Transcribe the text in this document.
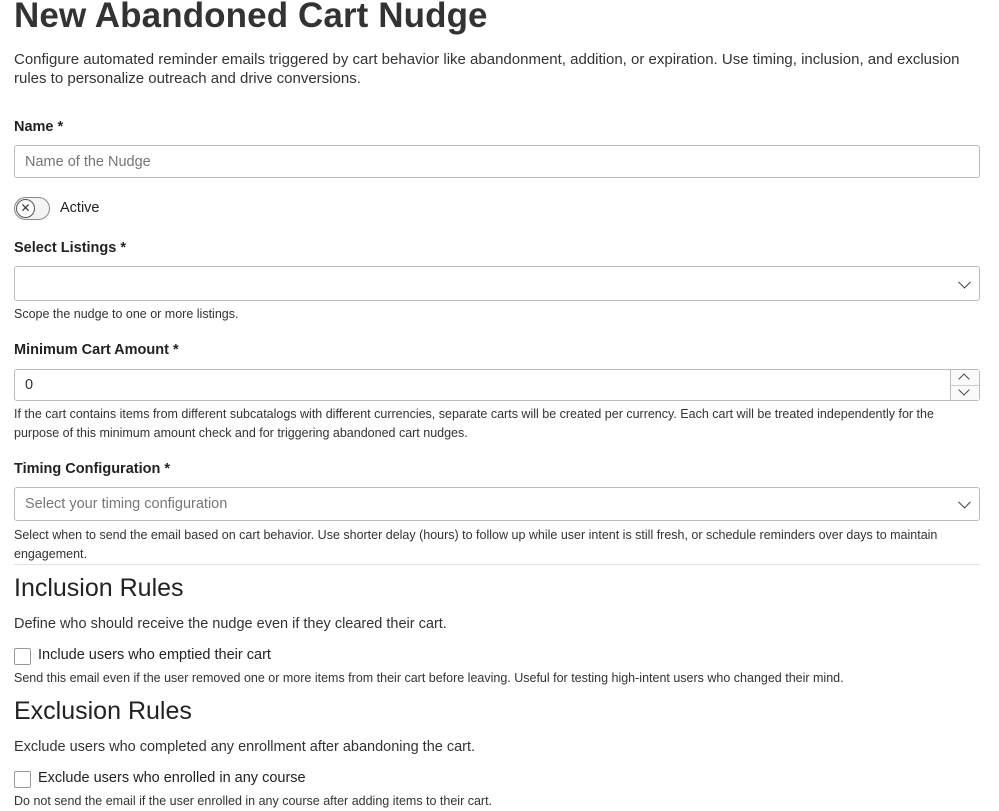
New Abandoned Cart Nudge
Configure automated reminder emails triggered by cart behavior like abandonment, addition, or expiration. Use timing, inclusion, and exclusion rules to personalize outreach and drive conversions.
Name *
Name of the Nudge
✕	Active
Select Listings *
Scope the nudge to one or more listings.
Minimum Cart Amount *
0
If the cart contains items from different subcatalogs with different currencies, separate carts will be created per currency. Each cart will be treated independently for the purpose of this minimum amount check and for triggering abandoned cart nudges.
Timing Configuration *
Select your timing configuration
Select when to send the email based on cart behavior. Use shorter delay (hours) to follow up while user intent is still fresh, or schedule reminders over days to maintain engagement.
Inclusion Rules
Define who should receive the nudge even if they cleared their cart.
Include users who emptied their cart
Send this email even if the user removed one or more items from their cart before leaving. Useful for testing high-intent users who changed their mind.
Exclusion Rules
Exclude users who completed any enrollment after abandoning the cart.
Exclude users who enrolled in any course
Do not send the email if the user enrolled in any course after adding items to their cart.
